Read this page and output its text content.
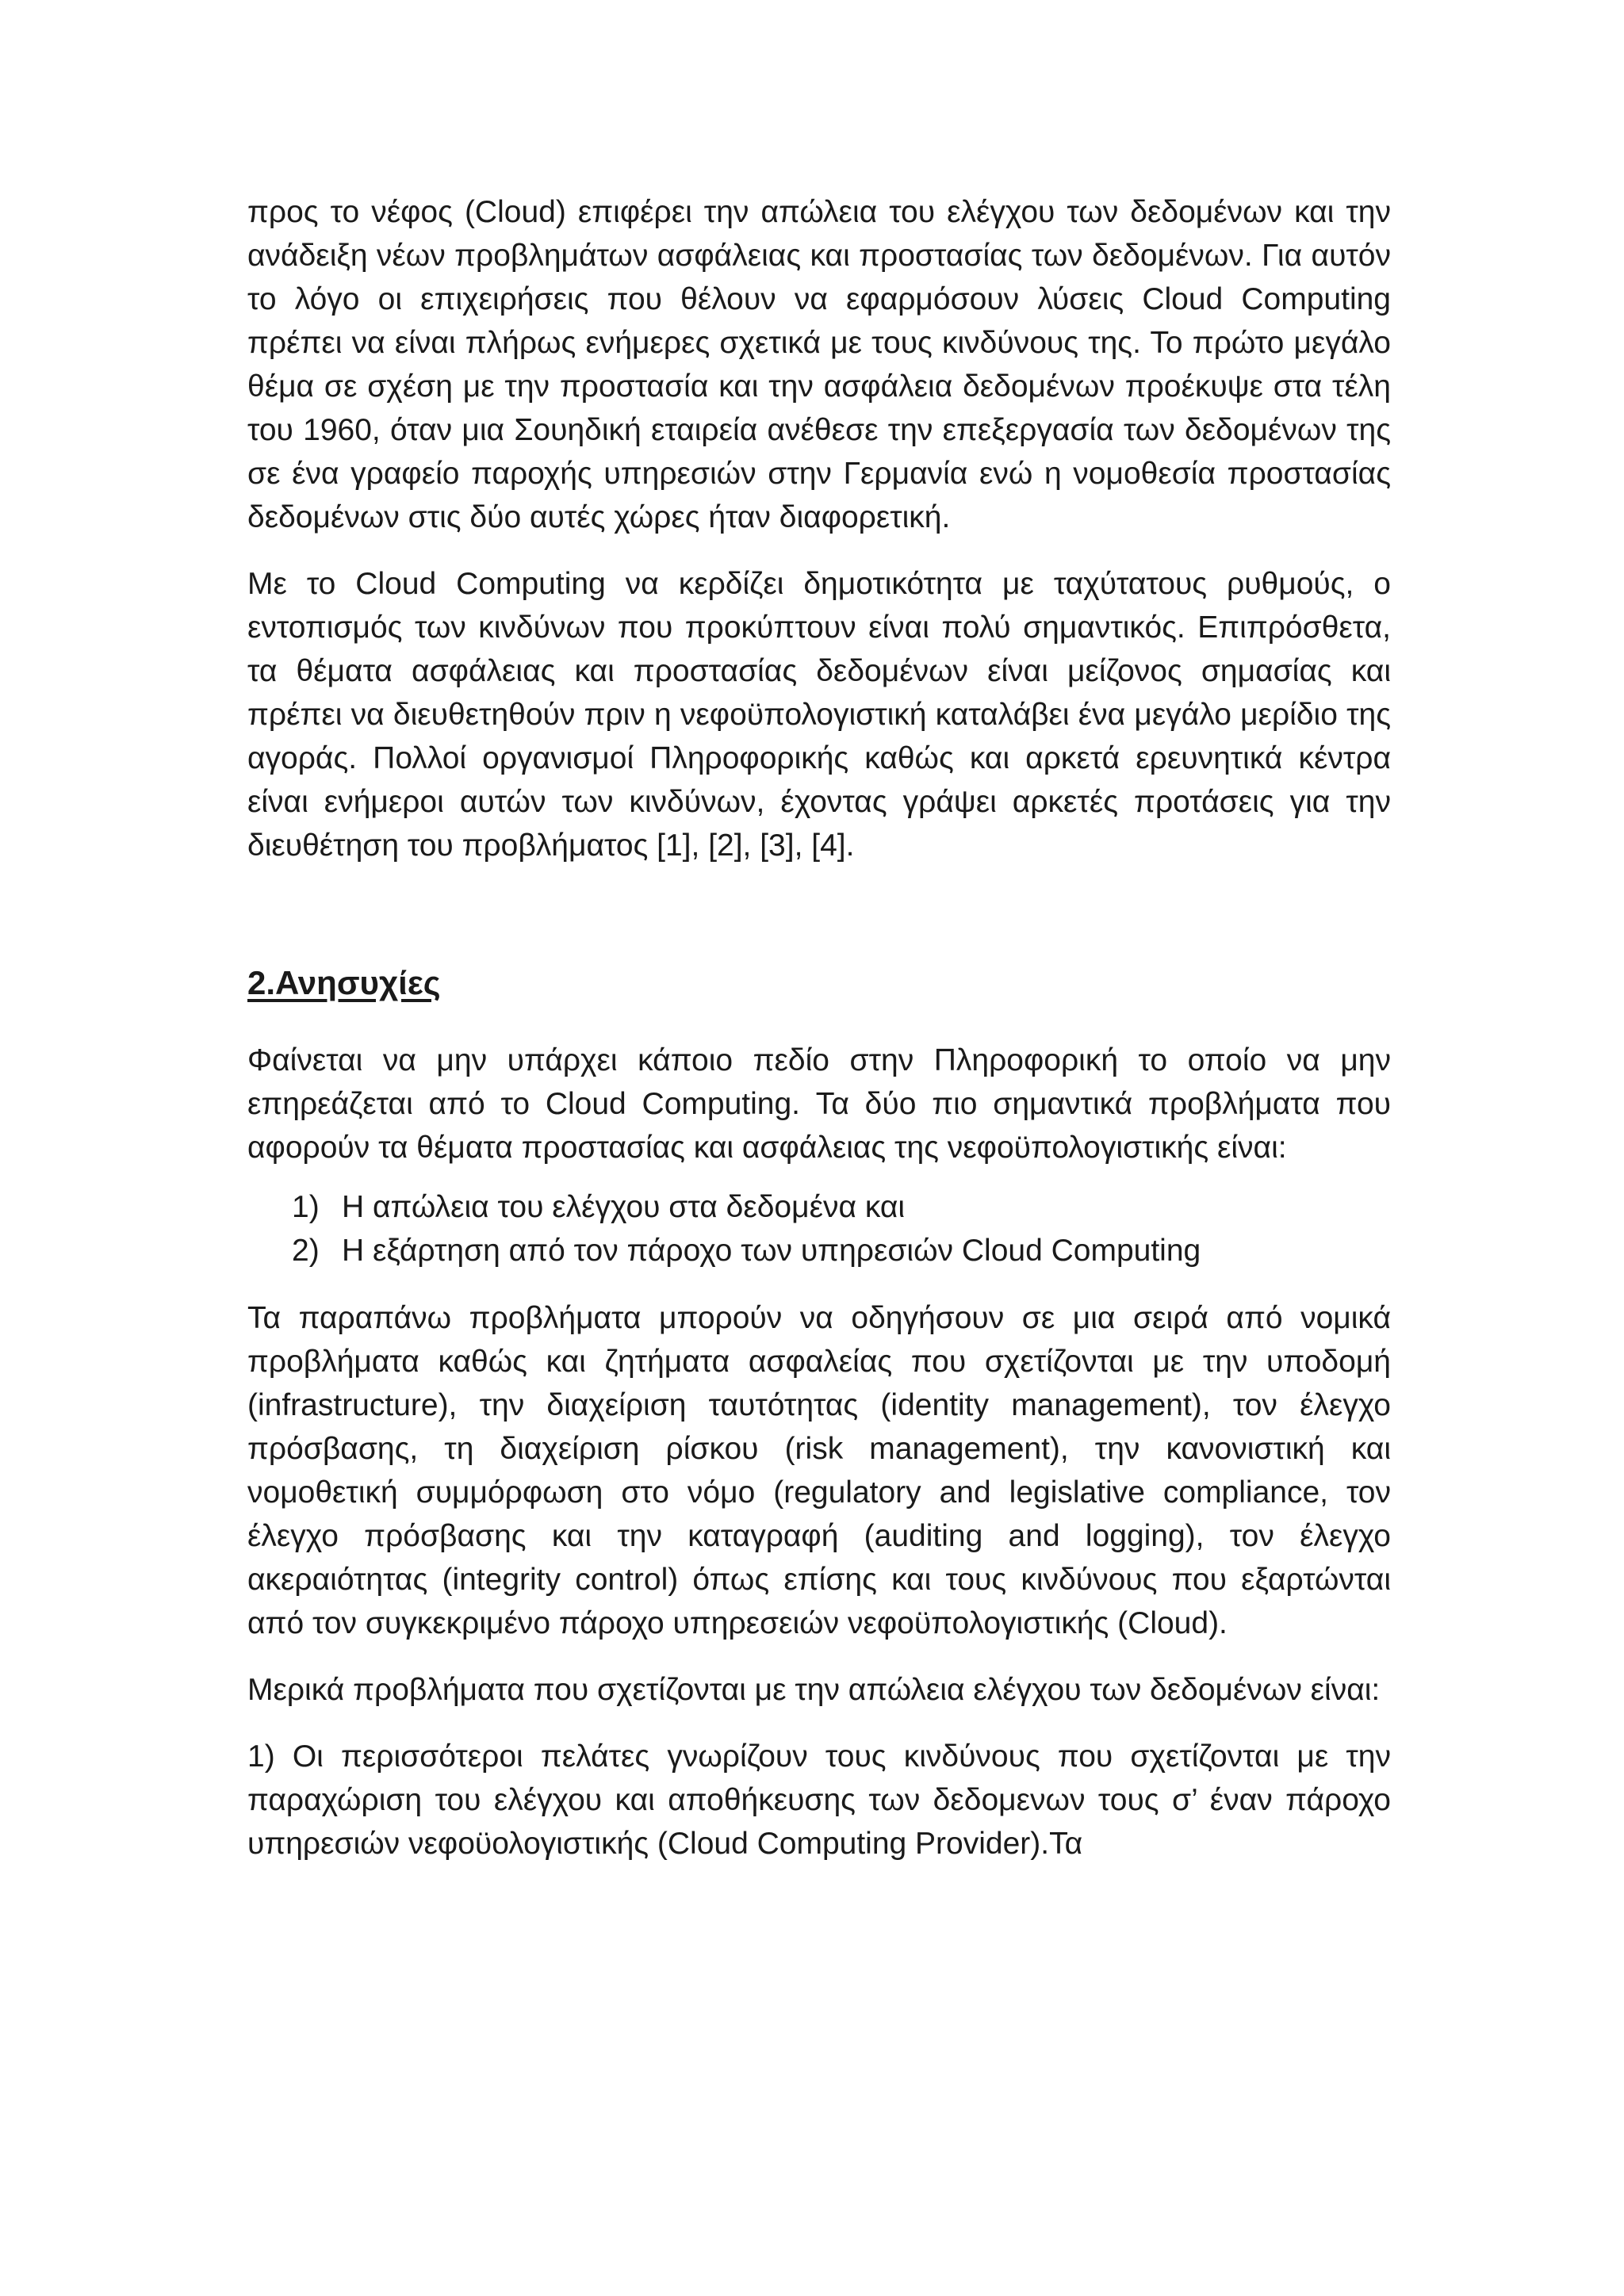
προς το νέφος (Cloud) επιφέρει την απώλεια του ελέγχου των δεδομένων και την ανάδειξη νέων προβλημάτων ασφάλειας και προστασίας των δεδομένων. Για αυτόν το λόγο οι επιχειρήσεις που θέλουν να εφαρμόσουν λύσεις Cloud Computing πρέπει να είναι πλήρως ενήμερες σχετικά με τους κινδύνους της. Το πρώτο μεγάλο θέμα σε σχέση με την προστασία και την ασφάλεια δεδομένων προέκυψε στα τέλη του 1960, όταν μια Σουηδική εταιρεία ανέθεσε την επεξεργασία των δεδομένων της σε ένα γραφείο παροχής υπηρεσιών στην Γερμανία ενώ η νομοθεσία προστασίας δεδομένων στις δύο αυτές χώρες ήταν διαφορετική.

Με το Cloud Computing να κερδίζει δημοτικότητα με ταχύτατους ρυθμούς, ο εντοπισμός των κινδύνων που προκύπτουν είναι πολύ σημαντικός. Επιπρόσθετα, τα θέματα ασφάλειας και προστασίας δεδομένων είναι μείζονος σημασίας και πρέπει να διευθετηθούν πριν η νεφοϋπολογιστική καταλάβει ένα μεγάλο μερίδιο της αγοράς. Πολλοί οργανισμοί Πληροφορικής καθώς και αρκετά ερευνητικά κέντρα είναι ενήμεροι αυτών των κινδύνων, έχοντας γράψει αρκετές προτάσεις για την διευθέτηση του προβλήματος [1], [2], [3], [4].

2.Ανησυχίες

Φαίνεται να μην υπάρχει κάποιο πεδίο στην Πληροφορική το οποίο να μην επηρεάζεται από το Cloud Computing. Τα δύο πιο σημαντικά προβλήματα που αφορούν τα θέματα προστασίας και ασφάλειας της νεφοϋπολογιστικής είναι:

1) Η απώλεια του ελέγχου στα δεδομένα και
2) Η εξάρτηση από τον πάροχο των υπηρεσιών Cloud Computing

Τα παραπάνω προβλήματα μπορούν να οδηγήσουν σε μια σειρά από νομικά προβλήματα καθώς και ζητήματα ασφαλείας που σχετίζονται με την υποδομή (infrastructure), την διαχείριση ταυτότητας (identity management), τον έλεγχο πρόσβασης, τη διαχείριση ρίσκου (risk management), την κανονιστική και νομοθετική συμμόρφωση στο νόμο (regulatory and legislative compliance, τον έλεγχο πρόσβασης και την καταγραφή (auditing and logging), τον έλεγχο ακεραιότητας (integrity control) όπως επίσης και τους κινδύνους που εξαρτώνται από τον συγκεκριμένο πάροχο υπηρεσειών νεφοϋπολογιστικής (Cloud).

Μερικά προβλήματα που σχετίζονται με την απώλεια ελέγχου των δεδομένων είναι:

1) Οι περισσότεροι πελάτες γνωρίζουν τους κινδύνους που σχετίζονται με την παραχώριση του ελέγχου και αποθήκευσης των δεδομενων τους σ’ έναν πάροχο υπηρεσιών νεφοϋολογιστικής (Cloud Computing Provider).Τα
